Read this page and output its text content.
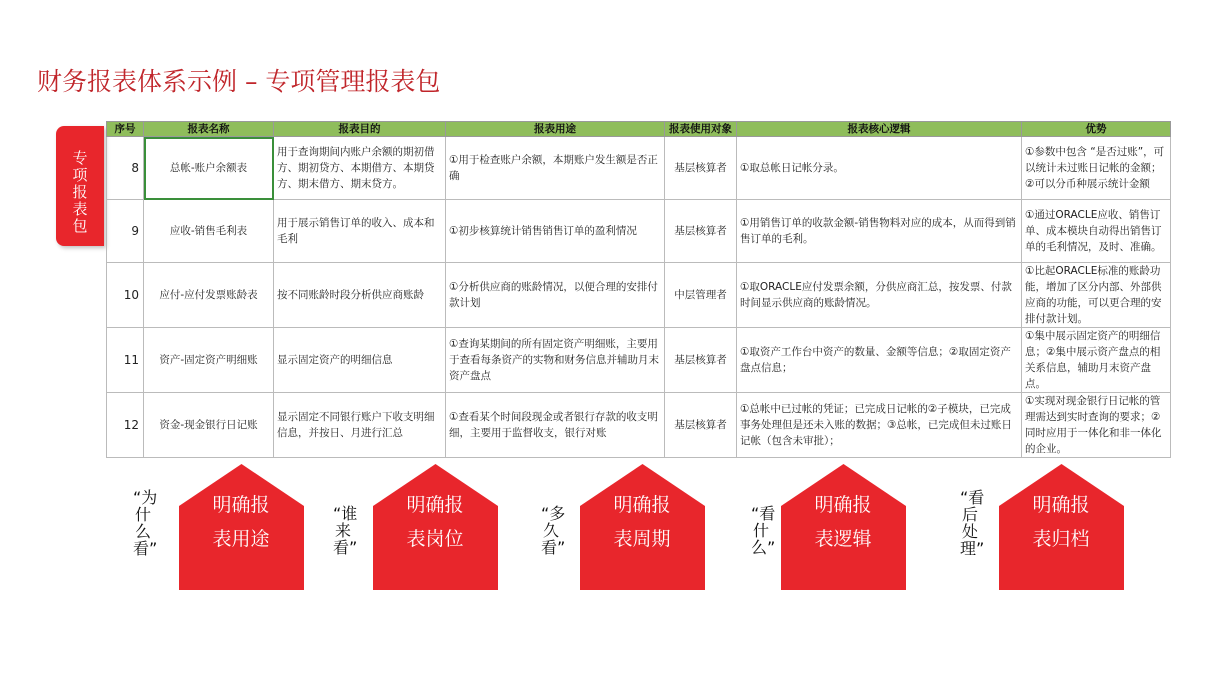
财务报表体系示例 – 专项管理报表包
专项报表包
序号	报表名称	报表目的	报表用途	报表使用对象	报表核心逻辑	优势
8	总帐-账户余额表	用于查询期间内账户余额的期初借方、期初贷方、本期借方、本期贷方、期末借方、期末贷方。	①用于检查账户余额，本期账户发生额是否正确	基层核算者	①取总帐日记帐分录。	①参数中包含 “是否过账”，可以统计未过账日记帐的金额；②可以分币种展示统计金额
9	应收-销售毛利表	用于展示销售订单的收入、成本和毛利	①初步核算统计销售销售订单的盈利情况	基层核算者	①用销售订单的收款金额-销售物料对应的成本，从而得到销售订单的毛利。	①通过ORACLE应收、销售订单、成本模块自动得出销售订单的毛利情况，及时、准确。
10	应付-应付发票账龄表	按不同账龄时段分析供应商账龄	①分析供应商的账龄情况，以便合理的安排付款计划	中层管理者	①取ORACLE应付发票余额，分供应商汇总，按发票、付款时间显示供应商的账龄情况。	①比起ORACLE标准的账龄功能，增加了区分内部、外部供应商的功能，可以更合理的安排付款计划。
11	资产-固定资产明细账	显示固定资产的明细信息	①查询某期间的所有固定资产明细账，主要用于查看每条资产的实物和财务信息并辅助月末资产盘点	基层核算者	①取资产工作台中资产的数量、金额等信息；②取固定资产盘点信息；	①集中展示固定资产的明细信息；②集中展示资产盘点的相关系信息，辅助月末资产盘点。
12	资金-现金银行日记账	显示固定不同银行账户下收支明细信息，并按日、月进行汇总	①查看某个时间段现金或者银行存款的收支明细，主要用于监督收支，银行对账	基层核算者	①总帐中已过帐的凭证；已完成日记帐的②子模块，已完成事务处理但是还未入账的数据；③总帐，已完成但未过账日记帐（包含未审批）；	①实现对现金银行日记帐的管理需达到实时查询的要求；②同时应用于一体化和非一体化的企业。
“为什么看”
明确报表用途
“谁来看”
明确报表岗位
“多久看”
明确报表周期
“看什么”
明确报表逻辑
“看后处理”
明确报表归档
